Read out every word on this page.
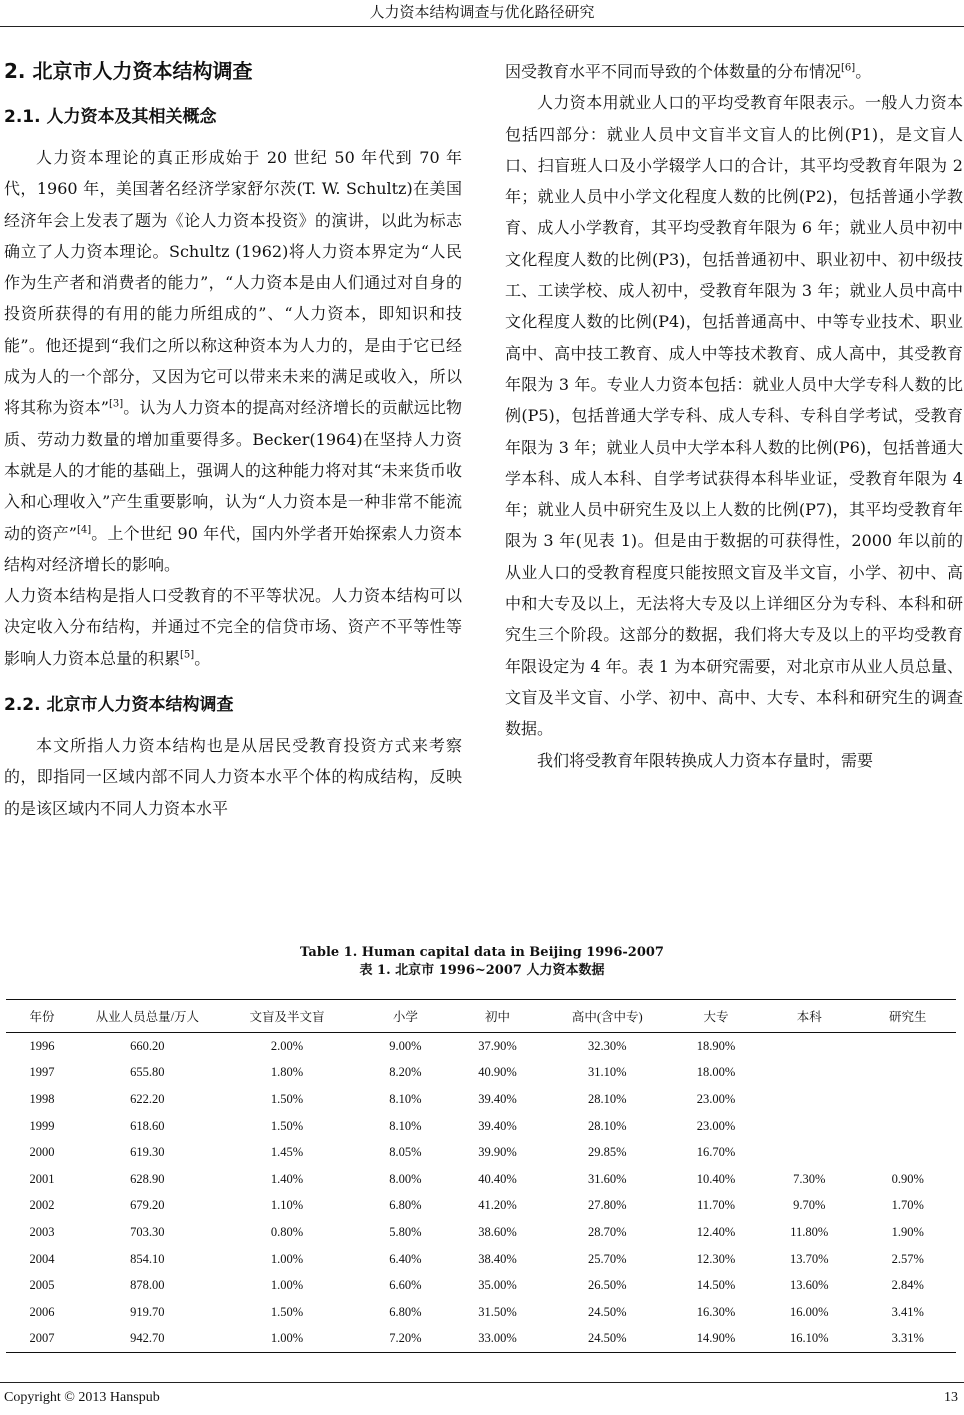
人力资本结构调查与优化路径研究
2. 北京市人力资本结构调查
2.1. 人力资本及其相关概念

人力资本理论的真正形成始于 20 世纪 50 年代到 70 年代，1960 年，美国著名经济学家舒尔茨(T. W. Schultz)在美国经济年会上发表了题为《论人力资本投资》的演讲，以此为标志确立了人力资本理论。Schultz (1962)将人力资本界定为“人民作为生产者和消费者的能力”，“人力资本是由人们通过对自身的投资所获得的有用的能力所组成的”、“人力资本，即知识和技能”。他还提到“我们之所以称这种资本为人力的，是由于它已经成为人的一个部分，又因为它可以带来未来的满足或收入，所以将其称为资本”[3]。认为人力资本的提高对经济增长的贡献远比物质、劳动力数量的增加重要得多。Becker(1964)在坚持人力资本就是人的才能的基础上，强调人的这种能力将对其“未来货币收入和心理收入”产生重要影响，认为“人力资本是一种非常不能流动的资产”[4]。上个世纪 90 年代，国内外学者开始探索人力资本结构对经济增长的影响。

人力资本结构是指人口受教育的不平等状况。人力资本结构可以决定收入分布结构，并通过不完全的信贷市场、资产不平等性等影响人力资本总量的积累[5]。

2.2. 北京市人力资本结构调查

本文所指人力资本结构也是从居民受教育投资方式来考察的，即指同一区域内部不同人力资本水平个体的构成结构，反映的是该区域内不同人力资本水平

因受教育水平不同而导致的个体数量的分布情况[6]。

人力资本用就业人口的平均受教育年限表示。一般人力资本包括四部分：就业人员中文盲半文盲人的比例(P1)，是文盲人口、扫盲班人口及小学辍学人口的合计，其平均受教育年限为 2 年；就业人员中小学文化程度人数的比例(P2)，包括普通小学教育、成人小学教育，其平均受教育年限为 6 年；就业人员中初中文化程度人数的比例(P3)，包括普通初中、职业初中、初中级技工、工读学校、成人初中，受教育年限为 3 年；就业人员中高中文化程度人数的比例(P4)，包括普通高中、中等专业技术、职业高中、高中技工教育、成人中等技术教育、成人高中，其受教育年限为 3 年。专业人力资本包括：就业人员中大学专科人数的比例(P5)，包括普通大学专科、成人专科、专科自学考试，受教育年限为 3 年；就业人员中大学本科人数的比例(P6)，包括普通大学本科、成人本科、自学考试获得本科毕业证，受教育年限为 4 年；就业人员中研究生及以上人数的比例(P7)，其平均受教育年限为 3 年(见表 1)。但是由于数据的可获得性，2000 年以前的从业人口的受教育程度只能按照文盲及半文盲，小学、初中、高中和大专及以上，无法将大专及以上详细区分为专科、本科和研究生三个阶段。这部分的数据，我们将大专及以上的平均受教育年限设定为 4 年。表 1 为本研究需要，对北京市从业人员总量、文盲及半文盲、小学、初中、高中、大专、本科和研究生的调查数据。

我们将受教育年限转换成人力资本存量时，需要

Table 1. Human capital data in Beijing 1996-2007
表 1. 北京市 1996~2007 人力资本数据
年份	从业人员总量/万人	文盲及半文盲	小学	初中	高中(含中专)	大专	本科	研究生
1996	660.20	2.00%	9.00%	37.90%	32.30%	18.90%		
1997	655.80	1.80%	8.20%	40.90%	31.10%	18.00%		
1998	622.20	1.50%	8.10%	39.40%	28.10%	23.00%		
1999	618.60	1.50%	8.10%	39.40%	28.10%	23.00%		
2000	619.30	1.45%	8.05%	39.90%	29.85%	16.70%		
2001	628.90	1.40%	8.00%	40.40%	31.60%	10.40%	7.30%	0.90%
2002	679.20	1.10%	6.80%	41.20%	27.80%	11.70%	9.70%	1.70%
2003	703.30	0.80%	5.80%	38.60%	28.70%	12.40%	11.80%	1.90%
2004	854.10	1.00%	6.40%	38.40%	25.70%	12.30%	13.70%	2.57%
2005	878.00	1.00%	6.60%	35.00%	26.50%	14.50%	13.60%	2.84%
2006	919.70	1.50%	6.80%	31.50%	24.50%	16.30%	16.00%	3.41%
2007	942.70	1.00%	7.20%	33.00%	24.50%	14.90%	16.10%	3.31%
Copyright © 2013 Hanspub	13
